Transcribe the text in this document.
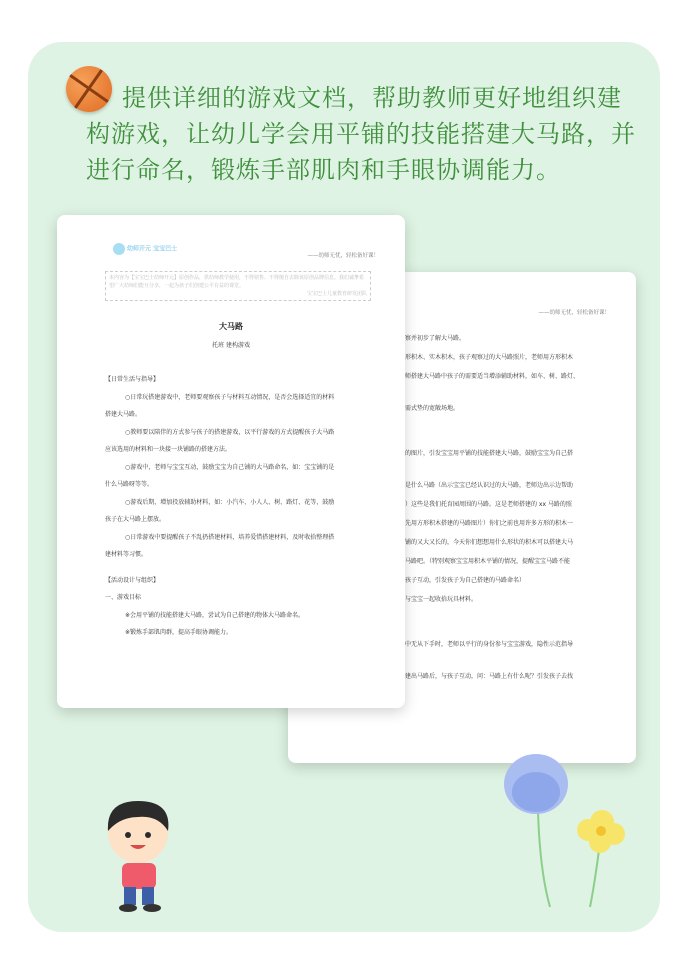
提供详细的游戏文档，帮助教师更好地组织建构游戏，让幼儿学会用平铺的技能搭建大马路，并进行命名，锻炼手部肌肉和手眼协调能力。
——幼师无忧，轻松备好课！
察并初步了解大马路。
形积木、实木积木，孩子观察过的大马路照片，老师用方形积木
师搭建大马路中孩子的需要适当增添辅助材料，如车、树、路灯、
需式垫的宽敞场地。
的图片，引发宝宝用平铺的技能搭建大马路，鼓励宝宝为自己搭
是什么马路（出示宝宝已经认识过的大马路，老师边出示边帮助
）这些是我们托育园周围的马路。这是老师搭建的 xx 马路的照
先用方形积木搭建的马路图片）你们之前也用许多方形的积木一
铺的又大又长的，今天你们想想用什么形状的积木可以搭建大马
马路吧。（特别观察宝宝用积木平铺的情况，提醒宝宝马路不能
孩子互动，引发孩子为自己搭建的马路命名）
与宝宝一起收拾玩具材料。
中无从下手时，老师以平行的身份参与宝宝游戏，隐性示范指导
建出马路后，与孩子互动，问：马路上有什么呢？引发孩子去找
幼师开元 宝宝巴士
——幼师无忧，轻松备好课！
本内容为【宝宝巴士幼师开元】原创作品，供幼师教学使用，不得销售、不得擅自去除该原创品牌信息。我们诚挚希望广大幼师们能互分享，一起为孩子们创建公平有益的课堂。
宝宝巴士儿童教育研发团队
大马路
托班 建构游戏
【日常生活与指导】
○日常玩搭建游戏中，老师要观察孩子与材料互动情况，是否会选择适宜的材料
搭建大马路。
○教师要以陪伴的方式参与孩子的搭建游戏，以平行游戏的方式提醒孩子大马路
应该选用的材料和一块接一块铺路的搭建方法。
○游戏中，老师与宝宝互动，鼓励宝宝为自己铺的大马路命名，如：宝宝铺的是
什么马路呀等等。
○游戏后期，增加投放辅助材料，如：小汽车、小人人、树、路灯、花等，鼓励
孩子在大马路上摆放。
○日常游戏中要提醒孩子不乱扔搭建材料，培养爱惜搭建材料，及时收拾整理搭
建材料等习惯。
【活动设计与组织】
一、游戏目标
※会用平铺的技能搭建大马路，尝试为自己搭建的物体大马路命名。
※锻炼手部肌肉群，提高手眼协调能力。
